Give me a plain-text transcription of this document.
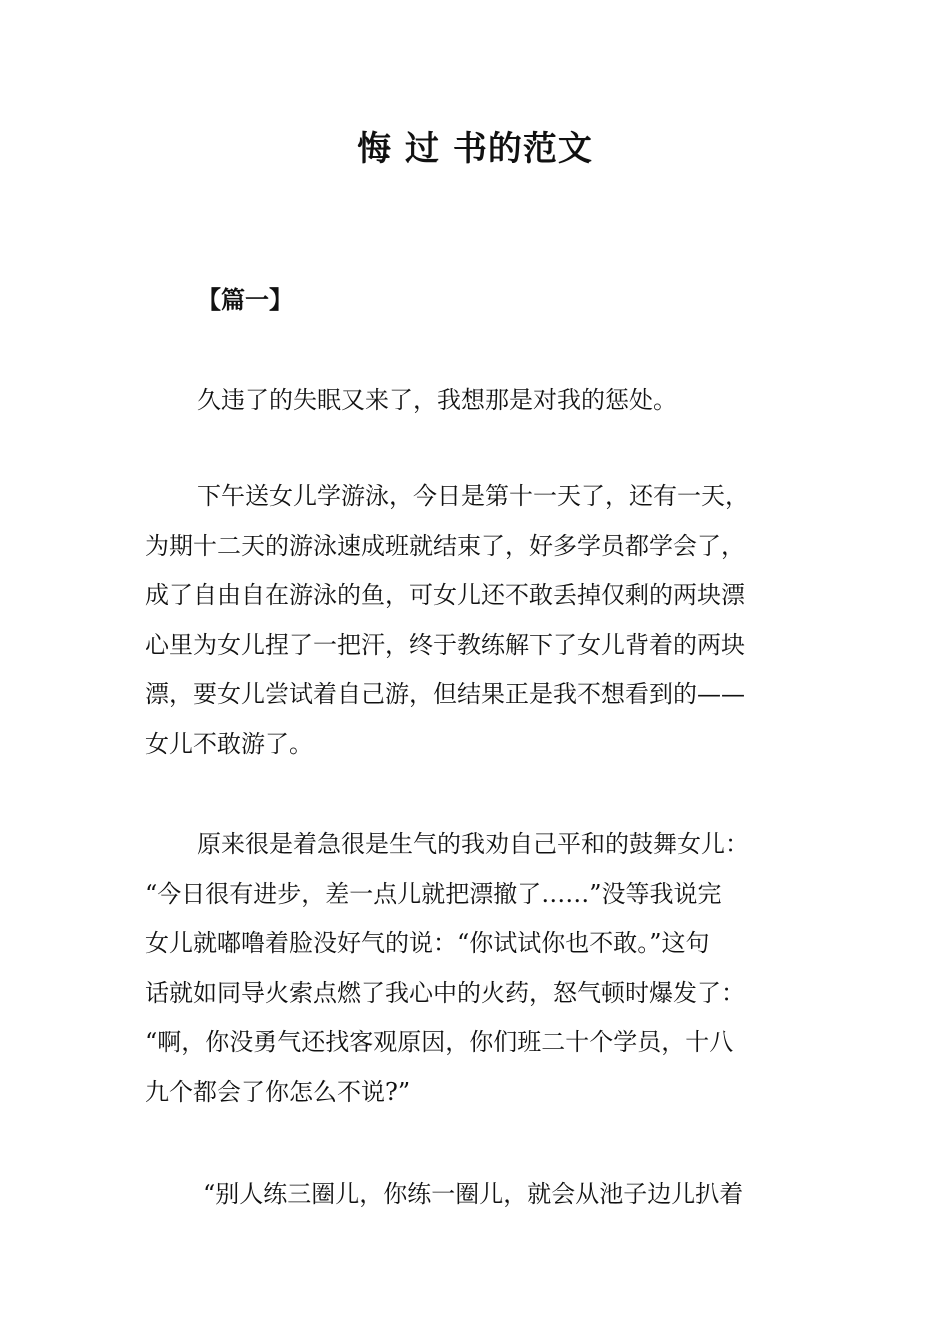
悔 过 书的范文
【篇一】
久违了的失眠又来了，我想那是对我的惩处。
下午送女儿学游泳，今日是第十一天了，还有一天，
为期十二天的游泳速成班就结束了，好多学员都学会了，
成了自由自在游泳的鱼，可女儿还不敢丢掉仅剩的两块漂
心里为女儿捏了一把汗，终于教练解下了女儿背着的两块
漂，要女儿尝试着自己游，但结果正是我不想看到的——
女儿不敢游了。
原来很是着急很是生气的我劝自己平和的鼓舞女儿：
“今日很有进步，差一点儿就把漂撤了……”没等我说完
女儿就嘟噜着脸没好气的说：“你试试你也不敢。”这句
话就如同导火索点燃了我心中的火药，怒气顿时爆发了：
“啊，你没勇气还找客观原因，你们班二十个学员，十八
九个都会了你怎么不说?”
“别人练三圈儿，你练一圈儿，就会从池子边儿扒着
